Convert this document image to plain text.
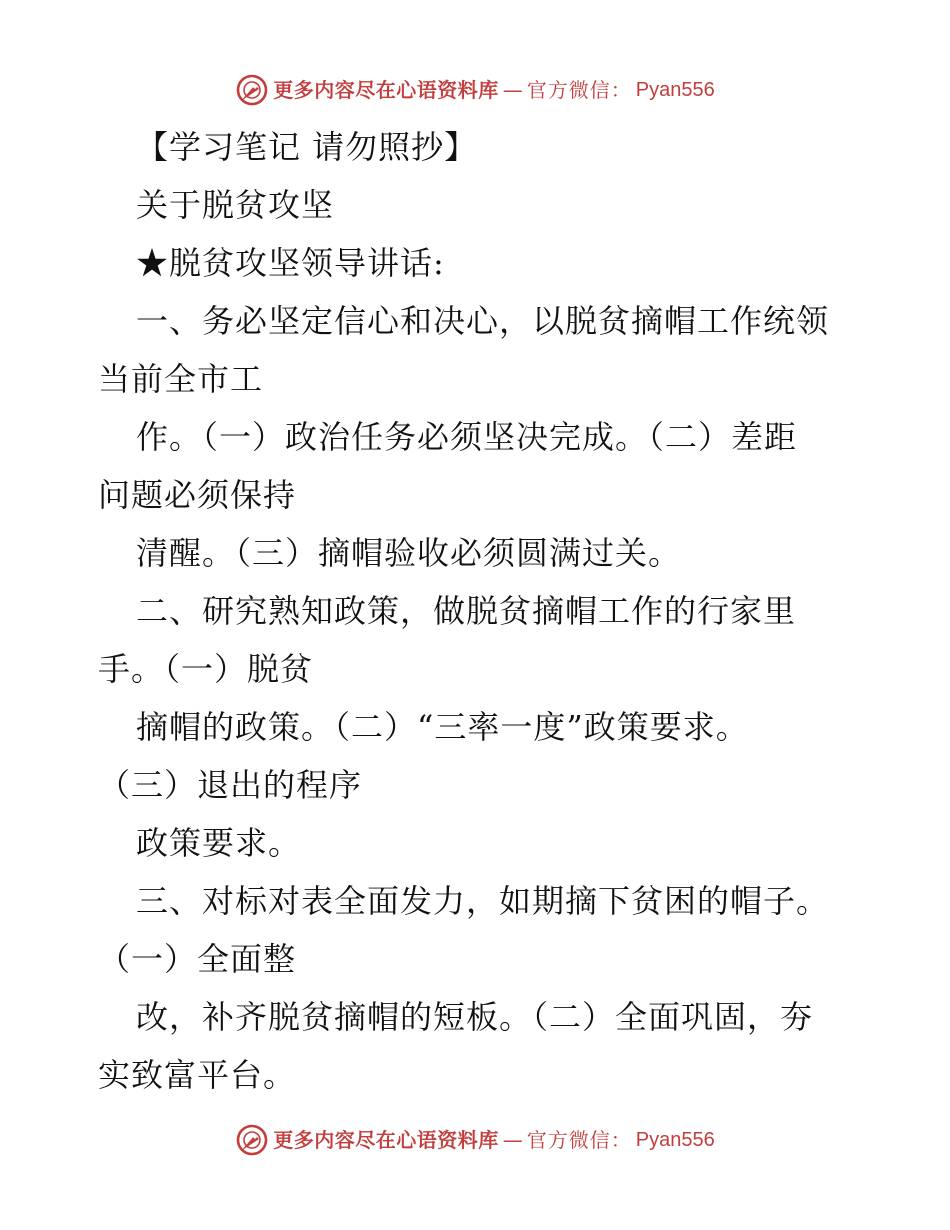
更多内容尽在心语资料库 — 官方微信： Pyan556
【学习笔记 请勿照抄】
关于脱贫攻坚
★脱贫攻坚领导讲话:
一、务必坚定信心和决心，以脱贫摘帽工作统领
当前全市工
作。（一）政治任务必须坚决完成。（二）差距
问题必须保持
清醒。（三）摘帽验收必须圆满过关。
二、研究熟知政策，做脱贫摘帽工作的行家里
手。（一）脱贫
摘帽的政策。（二）“三率一度”政策要求。
（三）退出的程序
政策要求。
三、对标对表全面发力，如期摘下贫困的帽子。
（一）全面整
改，补齐脱贫摘帽的短板。（二）全面巩固，夯
实致富平台。
更多内容尽在心语资料库 — 官方微信： Pyan556
